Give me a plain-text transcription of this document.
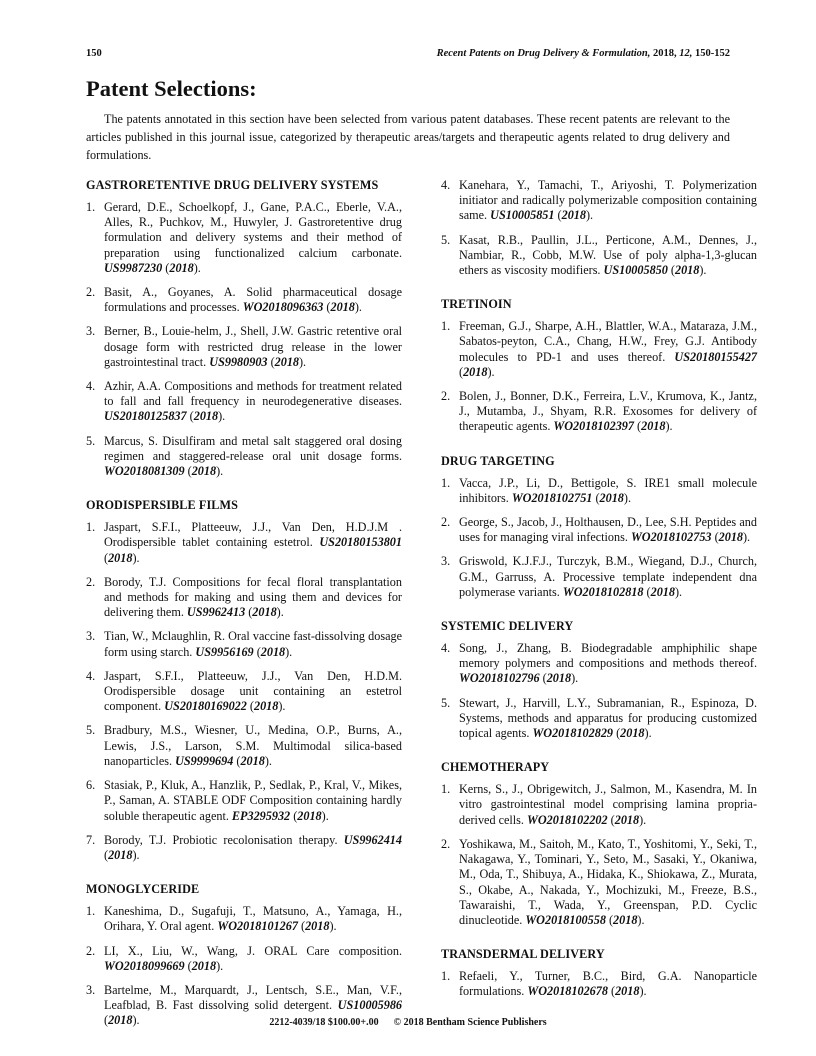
150	Recent Patents on Drug Delivery & Formulation, 2018, 12, 150-152
Patent Selections:

The patents annotated in this section have been selected from various patent databases. These recent patents are relevant to the articles published in this journal issue, categorized by therapeutic areas/targets and therapeutic agents related to drug delivery and formulations.

GASTRORETENTIVE DRUG DELIVERY SYSTEMS
1. Gerard, D.E., Schoelkopf, J., Gane, P.A.C., Eberle, V.A., Alles, R., Puchkov, M., Huwyler, J. Gastroretentive drug formulation and delivery systems and their method of preparation using functionalized calcium carbonate. US9987230 (2018).
2. Basit, A., Goyanes, A. Solid pharmaceutical dosage formulations and processes. WO2018096363 (2018).
3. Berner, B., Louie-helm, J., Shell, J.W. Gastric retentive oral dosage form with restricted drug release in the lower gastrointestinal tract. US9980903 (2018).
4. Azhir, A.A. Compositions and methods for treatment related to fall and fall frequency in neurodegenerative diseases. US20180125837 (2018).
5. Marcus, S. Disulfiram and metal salt staggered oral dosing regimen and staggered-release oral unit dosage forms. WO2018081309 (2018).
ORODISPERSIBLE FILMS
1. Jaspart, S.F.I., Platteeuw, J.J., Van Den, H.D.J.M . Orodispersible tablet containing estetrol. US20180153801 (2018).
2. Borody, T.J. Compositions for fecal floral transplantation and methods for making and using them and devices for delivering them. US9962413 (2018).
3. Tian, W., Mclaughlin, R. Oral vaccine fast-dissolving dosage form using starch. US9956169 (2018).
4. Jaspart, S.F.I., Platteeuw, J.J., Van Den, H.D.M. Orodispersible dosage unit containing an estetrol component. US20180169022 (2018).
5. Bradbury, M.S., Wiesner, U., Medina, O.P., Burns, A., Lewis, J.S., Larson, S.M. Multimodal silica-based nanoparticles. US9999694 (2018).
6. Stasiak, P., Kluk, A., Hanzlik, P., Sedlak, P., Kral, V., Mikes, P., Saman, A. STABLE ODF Composition containing hardly soluble therapeutic agent. EP3295932 (2018).
7. Borody, T.J. Probiotic recolonisation therapy. US9962414 (2018).
MONOGLYCERIDE
1. Kaneshima, D., Sugafuji, T., Matsuno, A., Yamaga, H., Orihara, Y. Oral agent. WO2018101267 (2018).
2. LI, X., Liu, W., Wang, J. ORAL Care composition. WO2018099669 (2018).
3. Bartelme, M., Marquardt, J., Lentsch, S.E., Man, V.F., Leafblad, B. Fast dissolving solid detergent. US10005986 (2018).
4. Kanehara, Y., Tamachi, T., Ariyoshi, T. Polymerization initiator and radically polymerizable composition containing same. US10005851 (2018).
5. Kasat, R.B., Paullin, J.L., Perticone, A.M., Dennes, J., Nambiar, R., Cobb, M.W. Use of poly alpha-1,3-glucan ethers as viscosity modifiers. US10005850 (2018).
TRETINOIN
1. Freeman, G.J., Sharpe, A.H., Blattler, W.A., Mataraza, J.M., Sabatos-peyton, C.A., Chang, H.W., Frey, G.J. Antibody molecules to PD-1 and uses thereof. US20180155427 (2018).
2. Bolen, J., Bonner, D.K., Ferreira, L.V., Krumova, K., Jantz, J., Mutamba, J., Shyam, R.R. Exosomes for delivery of therapeutic agents. WO2018102397 (2018).
DRUG TARGETING
1. Vacca, J.P., Li, D., Bettigole, S. IRE1 small molecule inhibitors. WO2018102751 (2018).
2. George, S., Jacob, J., Holthausen, D., Lee, S.H. Peptides and uses for managing viral infections. WO2018102753 (2018).
3. Griswold, K.J.F.J., Turczyk, B.M., Wiegand, D.J., Church, G.M., Garruss, A. Processive template independent dna polymerase variants. WO2018102818 (2018).
SYSTEMIC DELIVERY
4. Song, J., Zhang, B. Biodegradable amphiphilic shape memory polymers and compositions and methods thereof. WO2018102796 (2018).
5. Stewart, J., Harvill, L.Y., Subramanian, R., Espinoza, D. Systems, methods and apparatus for producing customized topical agents. WO2018102829 (2018).
CHEMOTHERAPY
1. Kerns, S., J., Obrigewitch, J., Salmon, M., Kasendra, M. In vitro gastrointestinal model comprising lamina propria-derived cells. WO2018102202 (2018).
2. Yoshikawa, M., Saitoh, M., Kato, T., Yoshitomi, Y., Seki, T., Nakagawa, Y., Tominari, Y., Seto, M., Sasaki, Y., Okaniwa, M., Oda, T., Shibuya, A., Hidaka, K., Shiokawa, Z., Murata, S., Okabe, A., Nakada, Y., Mochizuki, M., Freeze, B.S., Tawaraishi, T., Wada, Y., Greenspan, P.D. Cyclic dinucleotide. WO2018100558 (2018).
TRANSDERMAL DELIVERY
1. Refaeli, Y., Turner, B.C., Bird, G.A. Nanoparticle formulations. WO2018102678 (2018).
2212-4039/18 $100.00+.00 © 2018 Bentham Science Publishers
